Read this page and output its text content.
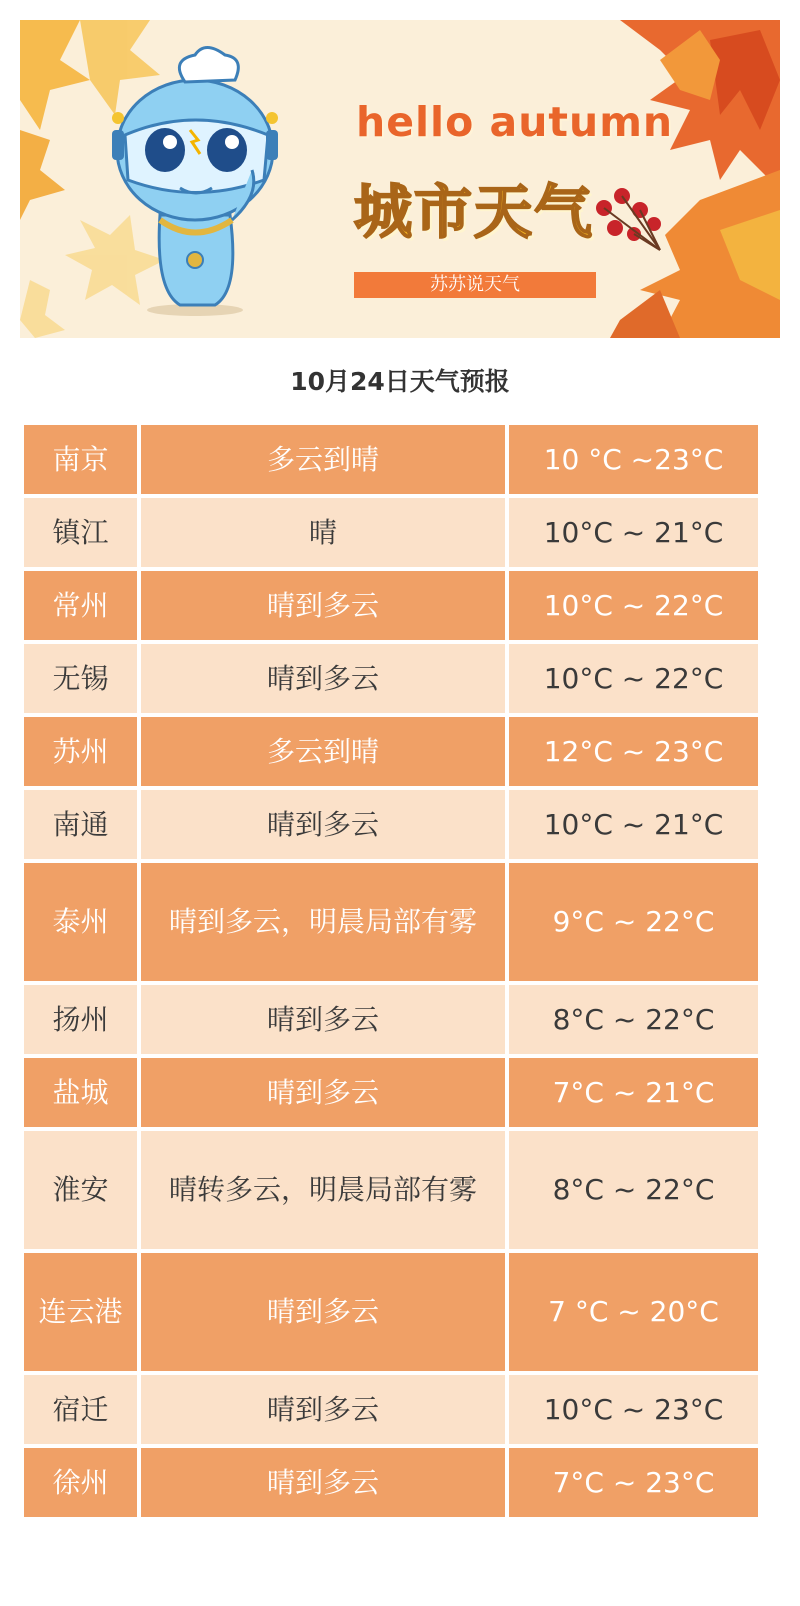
hello autumn
城市天气
苏苏说天气
10月24日天气预报
南京	多云到晴	10 °C ~23°C
镇江	晴	10°C ~ 21°C
常州	晴到多云	10°C ~ 22°C
无锡	晴到多云	10°C ~ 22°C
苏州	多云到晴	12°C ~ 23°C
南通	晴到多云	10°C ~ 21°C
泰州	晴到多云，明晨局部有雾	9°C ~ 22°C
扬州	晴到多云	8°C ~ 22°C
盐城	晴到多云	7°C ~ 21°C
淮安	晴转多云，明晨局部有雾	8°C ~ 22°C
连云港	晴到多云	7 °C ~ 20°C
宿迁	晴到多云	10°C ~ 23°C
徐州	晴到多云	7°C ~ 23°C
